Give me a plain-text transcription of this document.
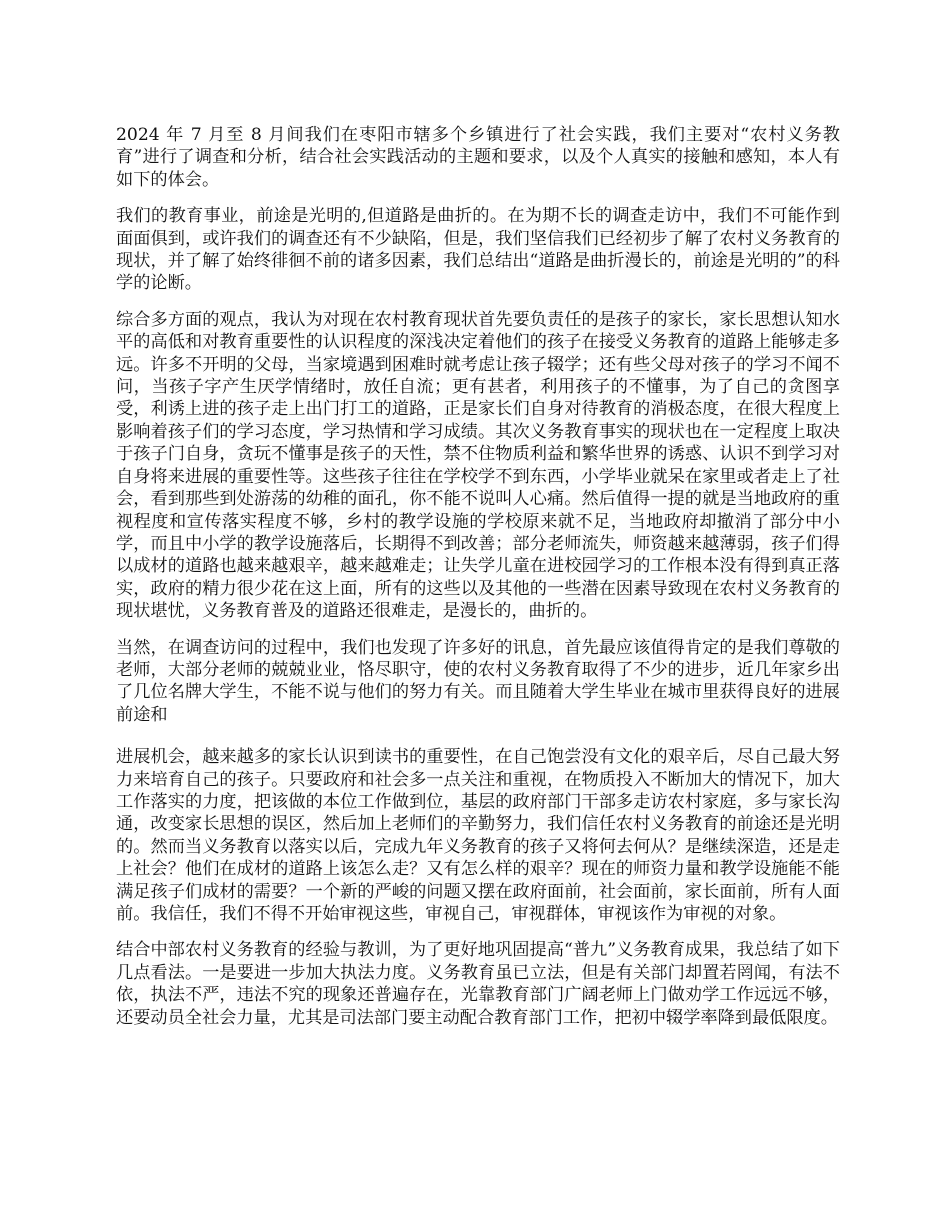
2024 年 7 月至 8 月间我们在枣阳市辖多个乡镇进行了社会实践，我们主要对“农村义务教育”进行了调查和分析，结合社会实践活动的主题和要求，以及个人真实的接触和感知，本人有如下的体会。

我们的教育事业，前途是光明的,但道路是曲折的。在为期不长的调查走访中，我们不可能作到面面俱到，或许我们的调查还有不少缺陷，但是，我们坚信我们已经初步了解了农村义务教育的现状，并了解了始终徘徊不前的诸多因素，我们总结出“道路是曲折漫长的，前途是光明的”的科学的论断。

综合多方面的观点，我认为对现在农村教育现状首先要负责任的是孩子的家长，家长思想认知水平的高低和对教育重要性的认识程度的深浅决定着他们的孩子在接受义务教育的道路上能够走多远。许多不开明的父母，当家境遇到困难时就考虑让孩子辍学；还有些父母对孩子的学习不闻不问，当孩子字产生厌学情绪时，放任自流；更有甚者，利用孩子的不懂事，为了自己的贪图享受，利诱上进的孩子走上出门打工的道路，正是家长们自身对待教育的消极态度，在很大程度上影响着孩子们的学习态度，学习热情和学习成绩。其次义务教育事实的现状也在一定程度上取决于孩子门自身，贪玩不懂事是孩子的天性，禁不住物质利益和繁华世界的诱惑、认识不到学习对自身将来进展的重要性等。这些孩子往往在学校学不到东西，小学毕业就呆在家里或者走上了社会，看到那些到处游荡的幼稚的面孔，你不能不说叫人心痛。然后值得一提的就是当地政府的重视程度和宣传落实程度不够，乡村的教学设施的学校原来就不足，当地政府却撤消了部分中小学，而且中小学的教学设施落后，长期得不到改善；部分老师流失，师资越来越薄弱，孩子们得以成材的道路也越来越艰辛，越来越难走；让失学儿童在进校园学习的工作根本没有得到真正落实，政府的精力很少花在这上面，所有的这些以及其他的一些潜在因素导致现在农村义务教育的现状堪忧，义务教育普及的道路还很难走，是漫长的，曲折的。

当然，在调查访问的过程中，我们也发现了许多好的讯息，首先最应该值得肯定的是我们尊敬的老师，大部分老师的兢兢业业，恪尽职守，使的农村义务教育取得了不少的进步，近几年家乡出了几位名牌大学生，不能不说与他们的努力有关。而且随着大学生毕业在城市里获得良好的进展前途和

进展机会，越来越多的家长认识到读书的重要性，在自己饱尝没有文化的艰辛后，尽自己最大努力来培育自己的孩子。只要政府和社会多一点关注和重视，在物质投入不断加大的情况下，加大工作落实的力度，把该做的本位工作做到位，基层的政府部门干部多走访农村家庭，多与家长沟通，改变家长思想的误区，然后加上老师们的辛勤努力，我们信任农村义务教育的前途还是光明的。然而当义务教育以落实以后，完成九年义务教育的孩子又将何去何从？是继续深造，还是走上社会？他们在成材的道路上该怎么走？又有怎么样的艰辛？现在的师资力量和教学设施能不能满足孩子们成材的需要？一个新的严峻的问题又摆在政府面前，社会面前，家长面前，所有人面前。我信任，我们不得不开始审视这些，审视自己，审视群体，审视该作为审视的对象。

结合中部农村义务教育的经验与教训，为了更好地巩固提高“普九”义务教育成果，我总结了如下几点看法。一是要进一步加大执法力度。义务教育虽已立法，但是有关部门却置若罔闻，有法不依，执法不严，违法不究的现象还普遍存在，光靠教育部门广阔老师上门做劝学工作远远不够，还要动员全社会力量，尤其是司法部门要主动配合教育部门工作，把初中辍学率降到最低限度。
